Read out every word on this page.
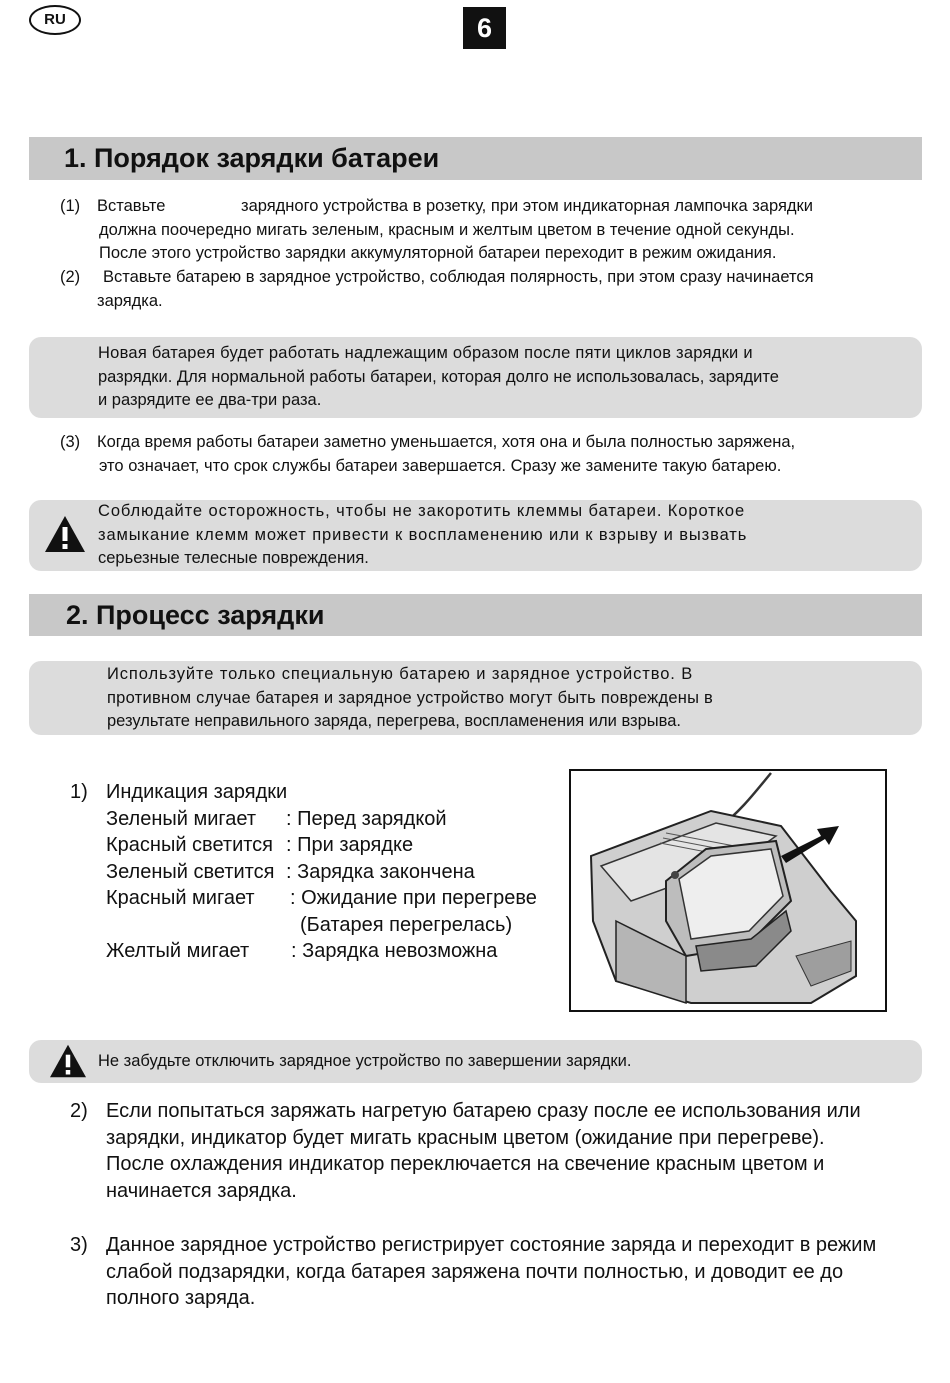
RU	6
1. Порядок зарядки батареи
(1) Вставьте	зарядного устройства в розетку, при этом индикаторная лампочка зарядки
должна поочередно мигать зеленым, красным и желтым цветом в течение одной секунды.
После этого устройство зарядки аккумуляторной батареи переходит в режим ожидания.
(2) Вставьте батарею в зарядное устройство, соблюдая полярность, при этом сразу начинается
зарядка.
Новая батарея будет работать надлежащим образом после пяти циклов зарядки и
разрядки. Для нормальной работы батареи, которая долго не использовалась, зарядите
и разрядите ее два-три раза.
(3) Когда время работы батареи заметно уменьшается, хотя она и была полностью заряжена,
это означает, что срок службы батареи завершается. Сразу же замените такую батарею.
Соблюдайте осторожность, чтобы не закоротить клеммы батареи. Короткое
замыкание клемм может привести к воспламенению или к взрыву и вызвать
серьезные телесные повреждения.
2. Процесс зарядки
Используйте только специальную батарею и зарядное устройство. В
противном случае батарея и зарядное устройство могут быть повреждены в
результате неправильного заряда, перегрева, воспламенения или взрыва.
1) Индикация зарядки
Зеленый мигает : Перед зарядкой
Красный светится : При зарядке
Зеленый светится : Зарядка закончена
Красный мигает : Ожидание при перегреве
(Батарея перегрелась)
Желтый мигает : Зарядка невозможна
Не забудьте отключить зарядное устройство по завершении зарядки.
2) Если попытаться заряжать нагретую батарею сразу после ее использования или
зарядки, индикатор будет мигать красным цветом (ожидание при перегреве).
После охлаждения индикатор переключается на свечение красным цветом и
начинается зарядка.
3) Данное зарядное устройство регистрирует состояние заряда и переходит в режим
слабой подзарядки, когда батарея заряжена почти полностью, и доводит ее до
полного заряда.
